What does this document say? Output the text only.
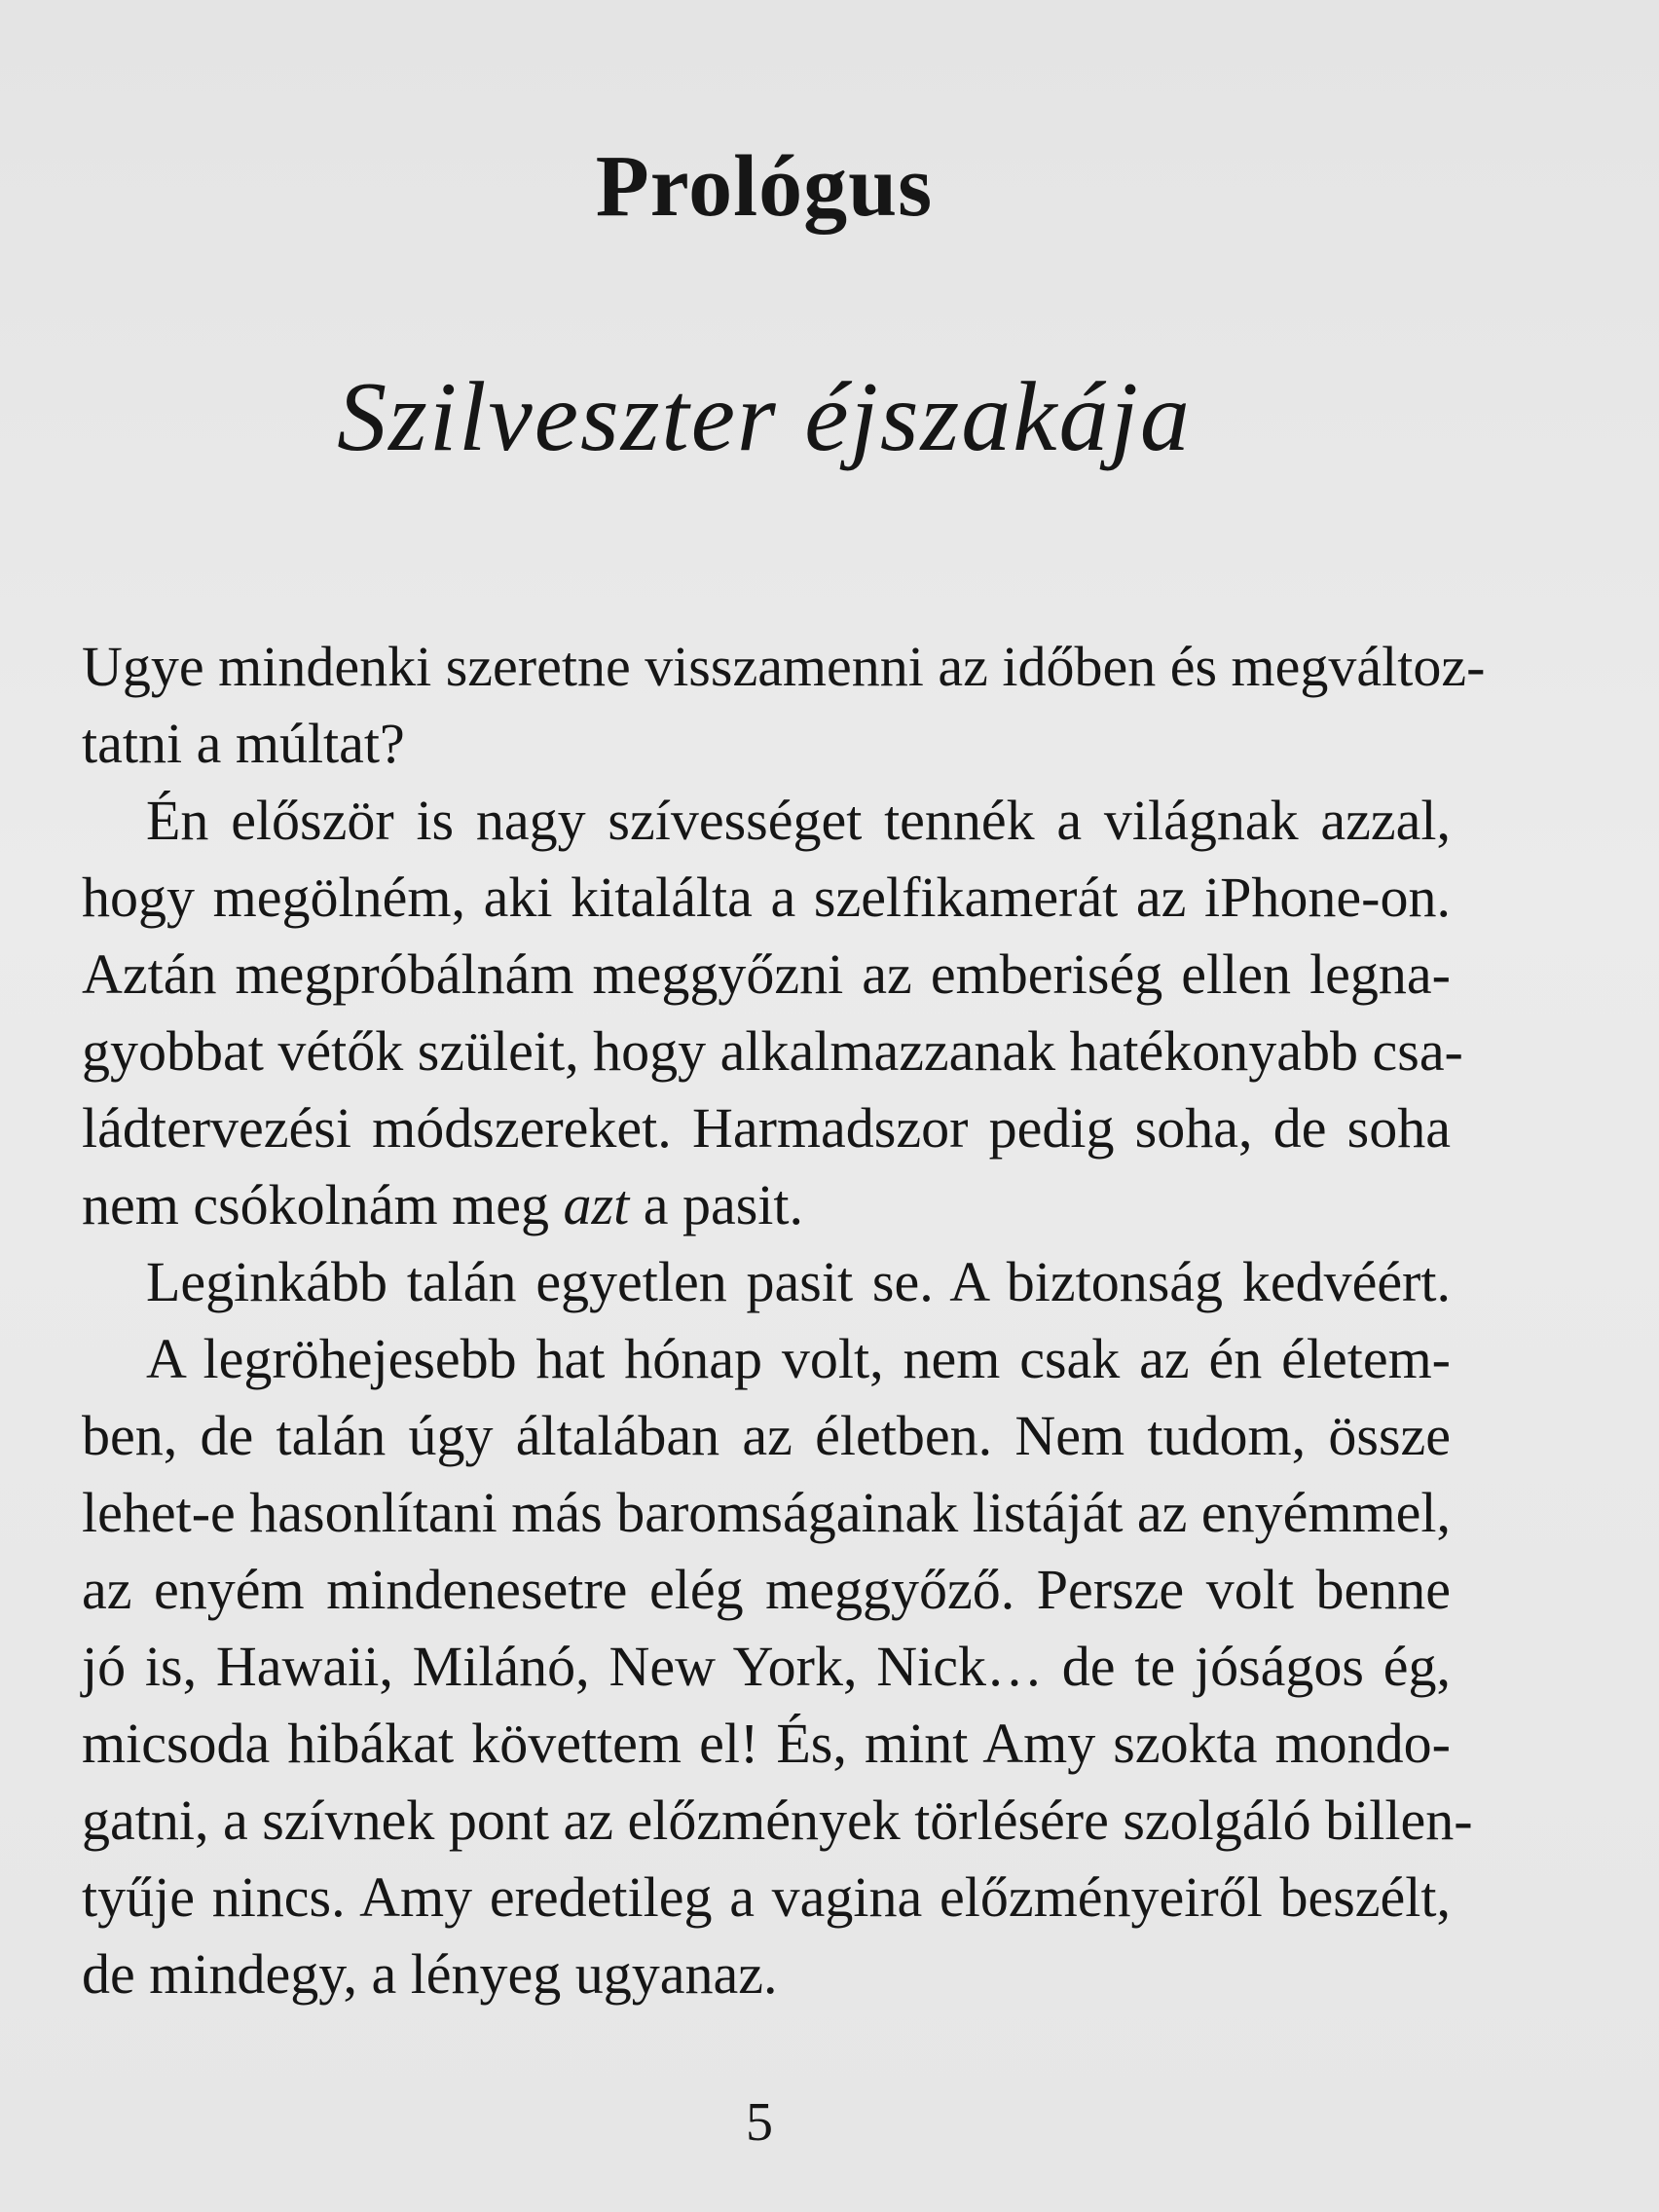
Prológus
Szilveszter éjszakája
Ugye mindenki szeretne visszamenni az időben és megváltoz-
tatni a múltat?
Én először is nagy szívességet tennék a világnak azzal,
hogy megölném, aki kitalálta a szelfikamerát az iPhone-on.
Aztán megpróbálnám meggyőzni az emberiség ellen legna-
gyobbat vétők szüleit, hogy alkalmazzanak hatékonyabb csa-
ládtervezési módszereket. Harmadszor pedig soha, de soha
nem csókolnám meg azt a pasit.
Leginkább talán egyetlen pasit se. A biztonság kedvéért.
A legröhejesebb hat hónap volt, nem csak az én életem-
ben, de talán úgy általában az életben. Nem tudom, össze
lehet-e hasonlítani más baromságainak listáját az enyémmel,
az enyém mindenesetre elég meggyőző. Persze volt benne
jó is, Hawaii, Milánó, New York, Nick… de te jóságos ég,
micsoda hibákat követtem el! És, mint Amy szokta mondo-
gatni, a szívnek pont az előzmények törlésére szolgáló billen-
tyűje nincs. Amy eredetileg a vagina előzményeiről beszélt,
de mindegy, a lényeg ugyanaz.

5
